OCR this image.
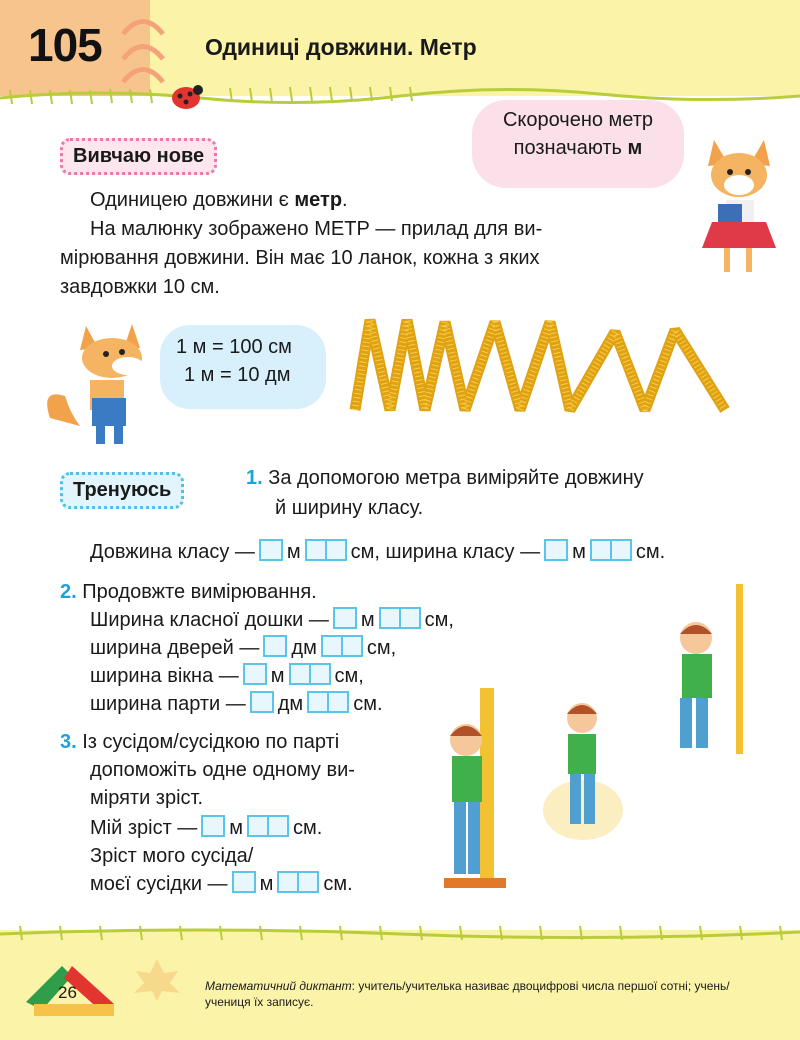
105	Одиниці довжини. Метр
Вивчаю нове
Скорочено метр
позначають м
Одиницею довжини є метр.
На малюнку зображено МЕТР — прилад для ви-
мірювання довжини. Він має 10 ланок, кожна з яких
завдовжки 10 см.
1 м = 100 см
1 м = 10 дм
Тренуюсь
1. За допомогою метра виміряйте довжину
й ширину класу.
Довжина класу — м	см, ширина класу — м	см.
2. Продовжте вимірювання.
Ширина класної дошки — м	см,
ширина дверей — дм	см,
ширина вікна — м	см,
ширина парти — дм	см.
3. Із сусідом/сусідкою по парті
допоможіть одне одному ви-
міряти зріст.
Мій зріст — м	см.
Зріст мого сусіда/
моєї сусідки — м	см.
26	Математичний диктант: учитель/учителька називає двоцифрові числа першої сотні; учень/учениця їх записує.
